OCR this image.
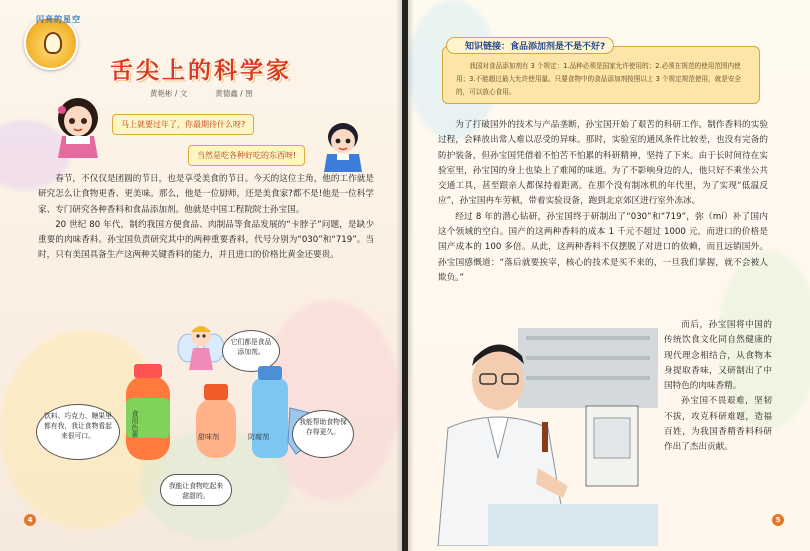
闪亮的星空
舌尖上的科学家
黄艳彬 / 文	黄德鑫 / 图
马上就要过年了，你最期待什么呀?
当然是吃各种好吃的东西呀!

春节，不仅仅是团圆的节日，也是享受美食的节日。今天的这位主角，他的工作就是研究怎么让食物更香、更美味。那么，他是一位厨师，还是美食家?都不是!他是一位科学家、专门研究各种香料和食品添加剂。他就是中国工程院院士孙宝国。

20 世纪 80 年代，制约我国方便食品、肉制品等食品发展的“卡脖子”问题，是缺少重要的肉味香料。孙宝国负责研究其中的两种重要香料，代号分别为“030”和“719”。当时，只有美国具备生产这两种关键香料的能力，并且进口的价格比黄金还要贵。

它们都是食品添加剂。
食用色素	甜味剂	防腐剂
饮料、巧克力、糖果里都有我，我让食物看起来很可口。
我能让食物吃起来甜甜的。
我能帮助食物保存得更久。
4
知识链接：食品添加剂是不是不好?
我国对食品添加剂有 3 个规定：1.品种必须是国家允许使用的；2.必须在规范的使用范围内使用；3.不能超过最大允许使用量。只要食物中的食品添加剂按照以上 3 个规定规范使用，就是安全的，可以放心食用。

为了打破国外的技术与产品垄断，孙宝国开始了艰苦的科研工作。制作香料的实验过程，会释放出常人难以忍受的异味。那时，实验室的通风条件比较差，也没有完备的防护装备，但孙宝国凭借着不怕苦不怕累的科研精神，坚持了下来。由于长时间待在实验室里，孙宝国的身上也染上了难闻的味道。为了不影响身边的人，他只好不乘坐公共交通工具，甚至跟亲人都保持着距离。在那个没有制冰机的年代里，为了实现“低温反应”，孙宝国冉车劳顿，带着实验设备，跑到北京郊区进行室外冻冰。

经过 8 年的潜心钻研，孙宝国终于研制出了“030”和“719”，弥（mí）补了国内这个领域的空白。国产的这两种香料的成本 1 千元不超过 1000 元，而进口的价格是国产成本的 100 多倍。从此，这两种香料不仅摆脱了对进口的依赖，而且远销国外。孙宝国感慨道：“落后就要挨宰，核心的技术是买不来的，一旦我们掌握，就不会被人欺负。”

而后，孙宝国将中国的传统饮食文化同自然健康的现代理念相结合，从食物本身提取香味，又研制出了中国特色的肉味香精。

孙宝国不畏艰难，坚韧不拔，攻克科研难题，造福百姓，为我国香精香料科研作出了杰出贡献。

5
